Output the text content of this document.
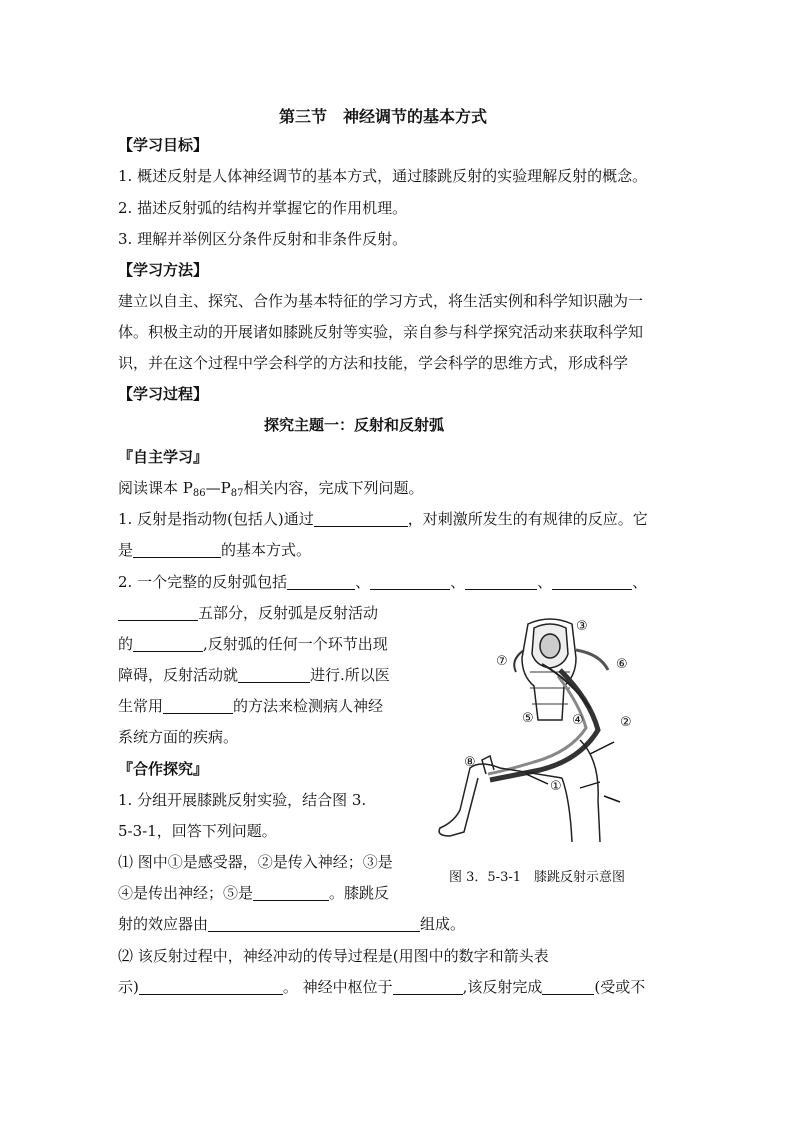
第三节　神经调节的基本方式
【学习目标】
1. 概述反射是人体神经调节的基本方式，通过膝跳反射的实验理解反射的概念。
2. 描述反射弧的结构并掌握它的作用机理。
3. 理解并举例区分条件反射和非条件反射。
【学习方法】
建立以自主、探究、合作为基本特征的学习方式，将生活实例和科学知识融为一
体。积极主动的开展诸如膝跳反射等实验，亲自参与科学探究活动来获取科学知
识，并在这个过程中学会科学的方法和技能，学会科学的思维方式，形成科学
【学习过程】
探究主题一：反射和反射弧
『自主学习』
阅读课本 $P_{86}—P_{87}$相关内容，完成下列问题。
1. 反射是指动物(包括人)通过	，对刺激所发生的有规律的反应。它
是	的基本方式。
2. 一个完整的反射弧包括	、	、	、	、
五部分，反射弧是反射活动
的	,反射弧的任何一个环节出现
障碍，反射活动就	进行.所以医
生常用	的方法来检测病人神经
系统方面的疾病。
『合作探究』
1. 分组开展膝跳反射实验，结合图 3.
5-3-1，回答下列问题。
⑴ 图中①是感受器，②是传入神经；③是
④是传出神经；⑤是	。膝跳反
射的效应器由	组成。
⑵ 该反射过程中，神经冲动的传导过程是(用图中的数字和箭头表
示)	。 神经中枢位于	,该反射完成	(受或不
③
⑦	⑥
⑤	④	②
⑧
①
图 3．5-3-1　膝跳反射示意图
